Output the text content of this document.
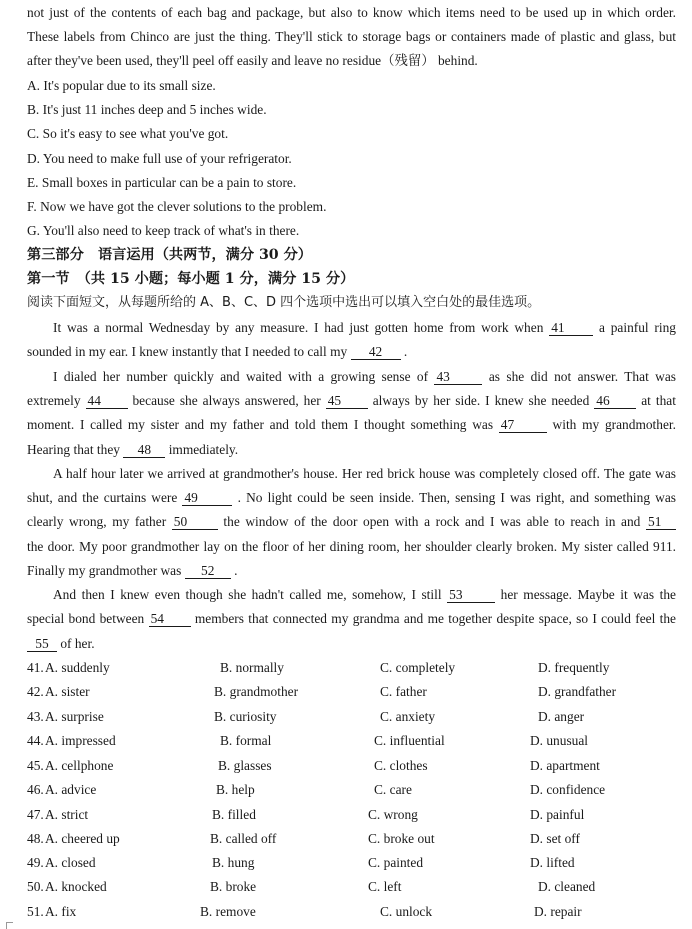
not just of the contents of each bag and package, but also to know which items need to be used up in which order.
These labels from Chinco are just the thing. They'll stick to storage bags or containers made of plastic and glass, but
after they've been used, they'll peel off easily and leave no residue（残留） behind.
A. It's popular due to its small size.
B. It's just 11 inches deep and 5 inches wide.
C. So it's easy to see what you've got.
D. You need to make full use of your refrigerator.
E. Small boxes in particular can be a pain to store.
F. Now we have got the clever solutions to the problem.
G. You'll also need to keep track of what's in there.
第三部分　语言运用（共两节，满分 30 分）
第一节　（共 15 小题；每小题 1 分，满分 15 分）
阅读下面短文，从每题所给的 A、B、C、D 四个选项中选出可以填入空白处的最佳选项。
It was a normal Wednesday by any measure. I had just gotten home from work when 41	a painful ring
sounded in my ear. I knew instantly that I needed to call my 42 .
I dialed her number quickly and waited with a growing sense of 43	as she did not answer. That was
extremely 44 because she always answered, her 45 always by her side. I knew she needed 46 at that
moment. I called my sister and my father and told them I thought something was 47	with my grandmother.
Hearing that they 48 immediately.
A half hour later we arrived at grandmother's house. Her red brick house was completely closed off. The gate was
shut, and the curtains were 49	. No light could be seen inside. Then, sensing I was right, and something was
clearly wrong, my father 50	the window of the door open with a rock and I was able to reach in and 51
the door. My poor grandmother lay on the floor of her dining room, her shoulder clearly broken. My sister called 911.
Finally my grandmother was 52 .
And then I knew even though she hadn't called me, somehow, I still 53	her message. Maybe it was the
special bond between 54 members that connected my grandma and me together despite space, so I could feel the
55 of her.
41. A. suddenly	B. normally	C. completely	D. frequently
42. A. sister	B. grandmother	C. father	D. grandfather
43. A. surprise	B. curiosity	C. anxiety	D. anger
44. A. impressed	B. formal	C. influential	D. unusual
45. A. cellphone	B. glasses	C. clothes	D. apartment
46. A. advice	B. help	C. care	D. confidence
47. A. strict	B. filled	C. wrong	D. painful
48. A. cheered up	B. called off	C. broke out	D. set off
49. A. closed	B. hung	C. painted	D. lifted
50. A. knocked	B. broke	C. left	D. cleaned
51. A. fix	B. remove	C. unlock	D. repair
